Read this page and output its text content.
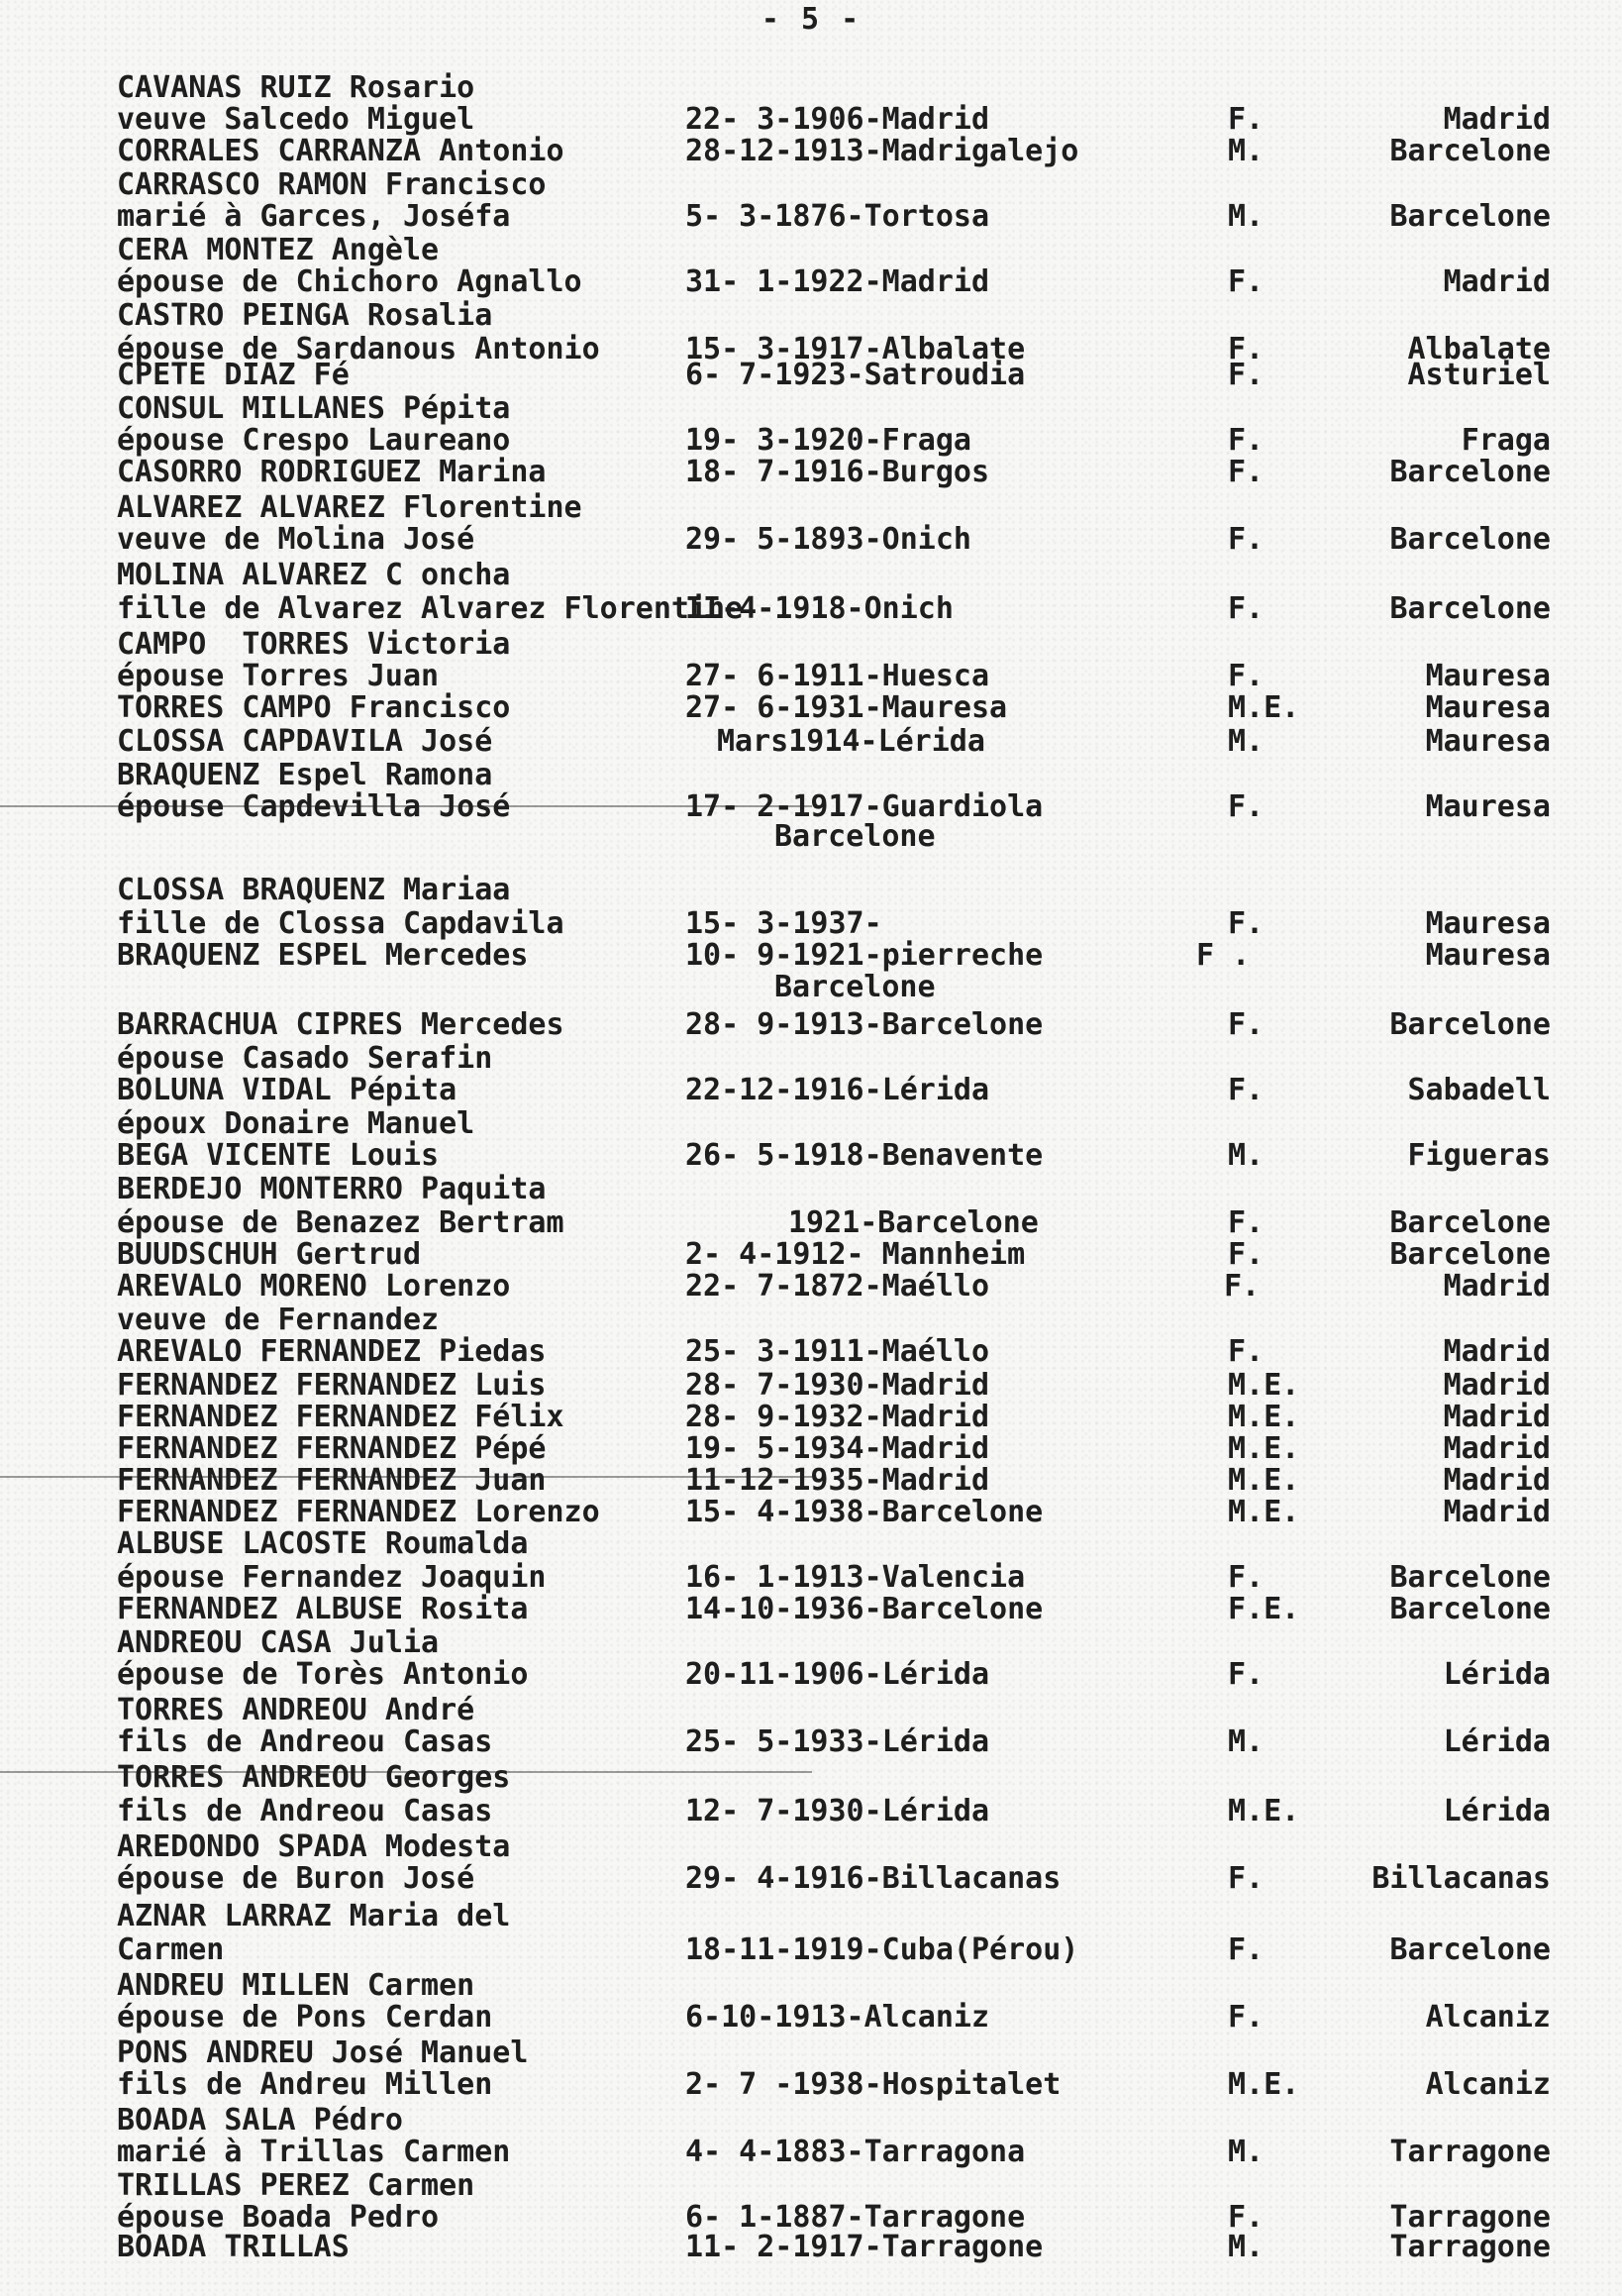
- 5 -
CAVANAS RUIZ Rosario
veuve Salcedo Miguel	22- 3-1906-Madrid	F.	Madrid
CORRALES CARRANZA Antonio	28-12-1913-Madrigalejo	M.	Barcelone
CARRASCO RAMON Francisco
marié à Garces, Joséfa	5- 3-1876-Tortosa	M.	Barcelone
CERA MONTEZ Angèle
épouse de Chichoro Agnallo	31- 1-1922-Madrid	F.	Madrid
CASTRO PEINGA Rosalia
épouse de Sardanous Antonio	15- 3-1917-Albalate	F.	Albalate
CPETE DIAZ Fé	6- 7-1923-Satroudia	F.	Asturiel
CONSUL MILLANES Pépita
épouse Crespo Laureano	19- 3-1920-Fraga	F.	Fraga
CASORRO RODRIGUEZ Marina	18- 7-1916-Burgos	F.	Barcelone
ALVAREZ ALVAREZ Florentine
veuve de Molina José	29- 5-1893-Onich	F.	Barcelone
MOLINA ALVAREZ C oncha
fille de Alvarez Alvarez Florentine
II-4-1918-Onich	F.	Barcelone
CAMPO  TORRES Victoria
épouse Torres Juan	27- 6-1911-Huesca	F.	Mauresa
TORRES CAMPO Francisco	27- 6-1931-Mauresa	M.E.	Mauresa
CLOSSA CAPDAVILA José	Mars1914-Lérida	M.	Mauresa
BRAQUENZ Espel Ramona
épouse Capdevilla José	17- 2-1917-Guardiola	F.	Mauresa
Barcelone
CLOSSA BRAQUENZ Mariaa
fille de Clossa Capdavila	15- 3-1937-	F.	Mauresa
BRAQUENZ ESPEL Mercedes	10- 9-1921-pierreche	F .	Mauresa
Barcelone
BARRACHUA CIPRES Mercedes	28- 9-1913-Barcelone	F.	Barcelone
épouse Casado Serafin
BOLUNA VIDAL Pépita	22-12-1916-Lérida	F.	Sabadell
époux Donaire Manuel
BEGA VICENTE Louis	26- 5-1918-Benavente	M.	Figueras
BERDEJO MONTERRO Paquita
épouse de Benazez Bertram	1921-Barcelone	F.	Barcelone
BUUDSCHUH Gertrud	2- 4-1912- Mannheim	F.	Barcelone
AREVALO MORENO Lorenzo	22- 7-1872-Maéllo	F.	Madrid
veuve de Fernandez
AREVALO FERNANDEZ Piedas	25- 3-1911-Maéllo	F.	Madrid
FERNANDEZ FERNANDEZ Luis	28- 7-1930-Madrid	M.E.	Madrid
FERNANDEZ FERNANDEZ Félix	28- 9-1932-Madrid	M.E.	Madrid
FERNANDEZ FERNANDEZ Pépé	19- 5-1934-Madrid	M.E.	Madrid
FERNANDEZ FERNANDEZ Juan	11-12-1935-Madrid	M.E.	Madrid
FERNANDEZ FERNANDEZ Lorenzo	15- 4-1938-Barcelone	M.E.	Madrid
ALBUSE LACOSTE Roumalda
épouse Fernandez Joaquin	16- 1-1913-Valencia	F.	Barcelone
FERNANDEZ ALBUSE Rosita	14-10-1936-Barcelone	F.E.	Barcelone
ANDREOU CASA Julia
épouse de Torès Antonio	20-11-1906-Lérida	F.	Lérida
TORRES ANDREOU André
fils de Andreou Casas	25- 5-1933-Lérida	M.	Lérida
TORRES ANDREOU Georges
fils de Andreou Casas	12- 7-1930-Lérida	M.E.	Lérida
AREDONDO SPADA Modesta
épouse de Buron José	29- 4-1916-Billacanas	F.	Billacanas
AZNAR LARRAZ Maria del
Carmen	18-11-1919-Cuba(Pérou)	F.	Barcelone
ANDREU MILLEN Carmen
épouse de Pons Cerdan	6-10-1913-Alcaniz	F.	Alcaniz
PONS ANDREU José Manuel
fils de Andreu Millen	2- 7 -1938-Hospitalet	M.E.	Alcaniz
BOADA SALA Pédro
marié à Trillas Carmen	4- 4-1883-Tarragona	M.	Tarragone
TRILLAS PEREZ Carmen
épouse Boada Pedro	6- 1-1887-Tarragone	F.	Tarragone
BOADA TRILLAS	11- 2-1917-Tarragone	M.	Tarragone
